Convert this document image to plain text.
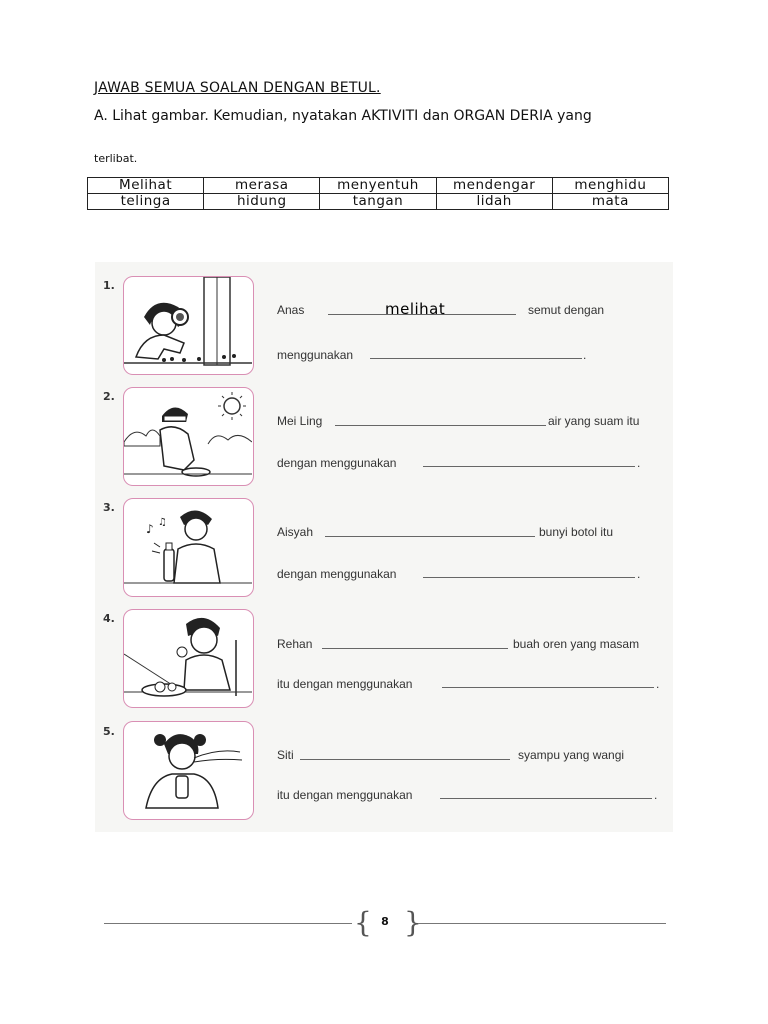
JAWAB SEMUA SOALAN DENGAN BETUL.
A. Lihat gambar. Kemudian, nyatakan AKTIVITI dan ORGAN DERIA yang
terlibat.
Melihat	merasa	menyentuh	mendengar	menghidu
telinga	hidung	tangan	lidah	mata
1.
Anas	melihat	semut dengan
menggunakan	.
2.
Mei Ling	air yang suam itu
dengan menggunakan	.
3.
♪ ♫
Aisyah	bunyi botol itu
dengan menggunakan	.
4.
Rehan	buah oren yang masam
itu dengan menggunakan	.
5.
Siti	syampu yang wangi
itu dengan menggunakan	.
{ 8 }
